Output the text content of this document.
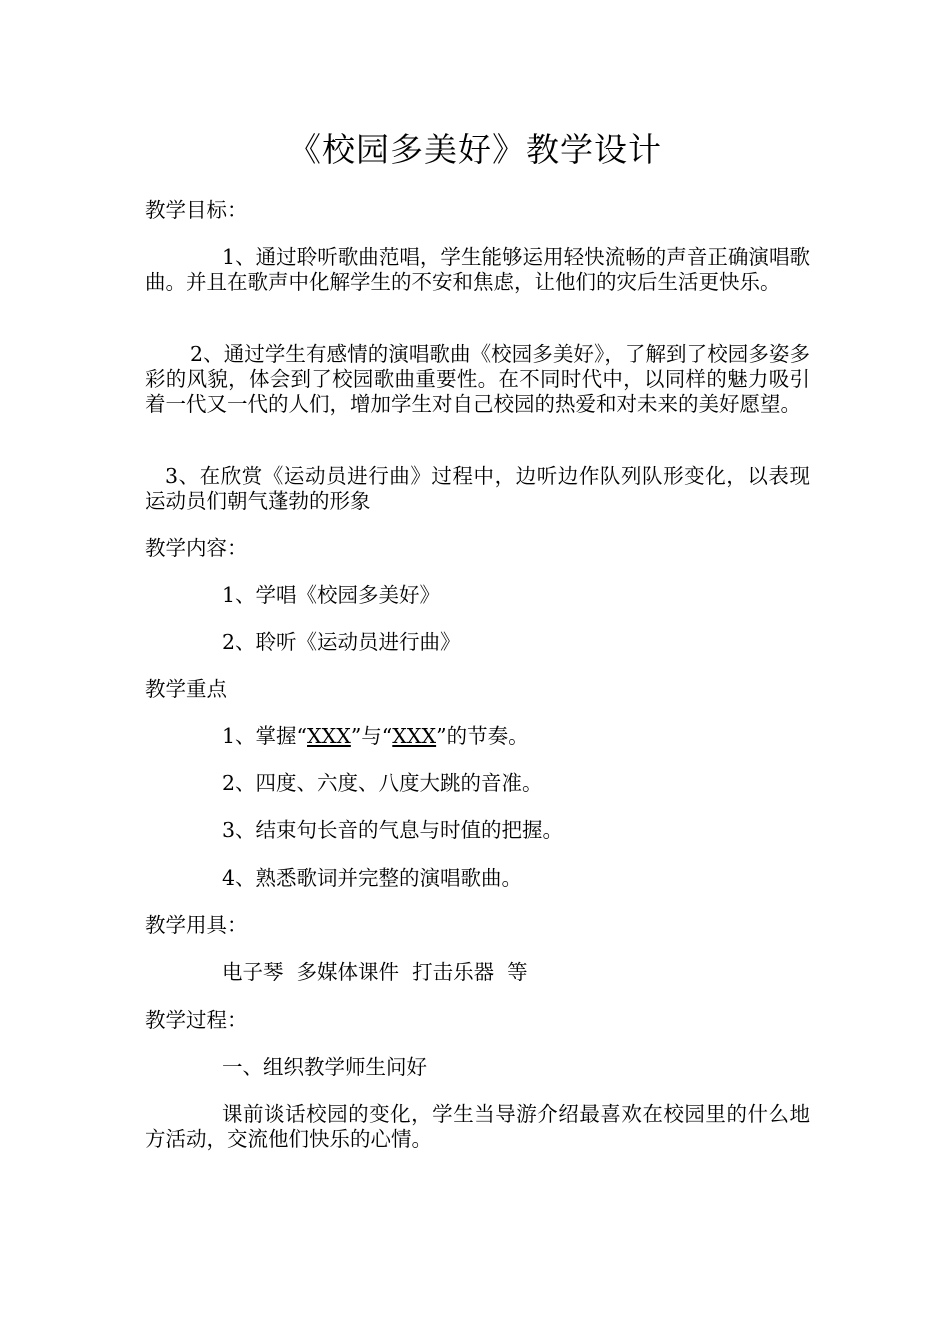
《校园多美好》教学设计
教学目标：
1、通过聆听歌曲范唱，学生能够运用轻快流畅的声音正确演唱歌曲。并且在歌声中化解学生的不安和焦虑，让他们的灾后生活更快乐。
2、通过学生有感情的演唱歌曲《校园多美好》，了解到了校园多姿多彩的风貌，体会到了校园歌曲重要性。在不同时代中，以同样的魅力吸引着一代又一代的人们，增加学生对自己校园的热爱和对未来的美好愿望。
3、在欣赏《运动员进行曲》过程中，边听边作队列队形变化，以表现运动员们朝气蓬勃的形象
教学内容：
1、学唱《校园多美好》
2、聆听《运动员进行曲》
教学重点
1、掌握“XXX”与“XXX”的节奏。
2、四度、六度、八度大跳的音准。
3、结束句长音的气息与时值的把握。
4、熟悉歌词并完整的演唱歌曲。
教学用具：
电子琴  多媒体课件  打击乐器  等
教学过程：
一、组织教学师生问好
课前谈话校园的变化，学生当导游介绍最喜欢在校园里的什么地方活动，交流他们快乐的心情。
